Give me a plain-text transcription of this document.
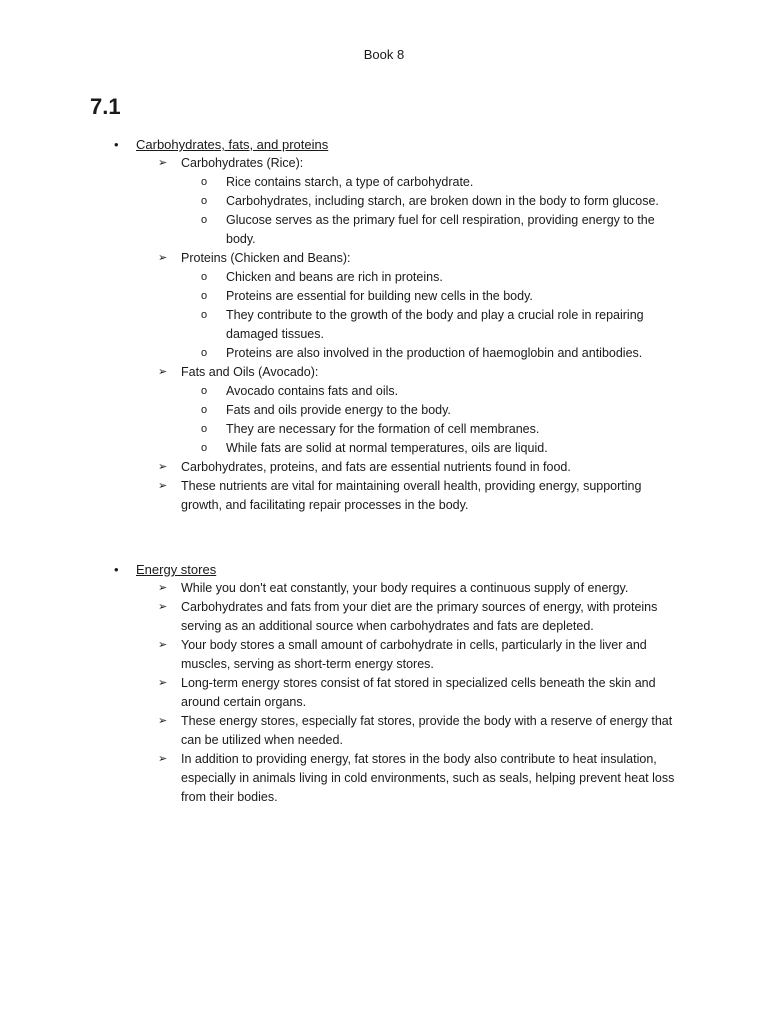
Book 8
7.1
• Carbohydrates, fats, and proteins
➢ Carbohydrates (Rice):
o Rice contains starch, a type of carbohydrate.
o Carbohydrates, including starch, are broken down in the body to form glucose.
o Glucose serves as the primary fuel for cell respiration, providing energy to the body.
➢ Proteins (Chicken and Beans):
o Chicken and beans are rich in proteins.
o Proteins are essential for building new cells in the body.
o They contribute to the growth of the body and play a crucial role in repairing damaged tissues.
o Proteins are also involved in the production of haemoglobin and antibodies.
➢ Fats and Oils (Avocado):
o Avocado contains fats and oils.
o Fats and oils provide energy to the body.
o They are necessary for the formation of cell membranes.
o While fats are solid at normal temperatures, oils are liquid.
➢ Carbohydrates, proteins, and fats are essential nutrients found in food.
➢ These nutrients are vital for maintaining overall health, providing energy, supporting growth, and facilitating repair processes in the body.
• Energy stores
➢ While you don't eat constantly, your body requires a continuous supply of energy.
➢ Carbohydrates and fats from your diet are the primary sources of energy, with proteins serving as an additional source when carbohydrates and fats are depleted.
➢ Your body stores a small amount of carbohydrate in cells, particularly in the liver and muscles, serving as short-term energy stores.
➢ Long-term energy stores consist of fat stored in specialized cells beneath the skin and around certain organs.
➢ These energy stores, especially fat stores, provide the body with a reserve of energy that can be utilized when needed.
➢ In addition to providing energy, fat stores in the body also contribute to heat insulation, especially in animals living in cold environments, such as seals, helping prevent heat loss from their bodies.
